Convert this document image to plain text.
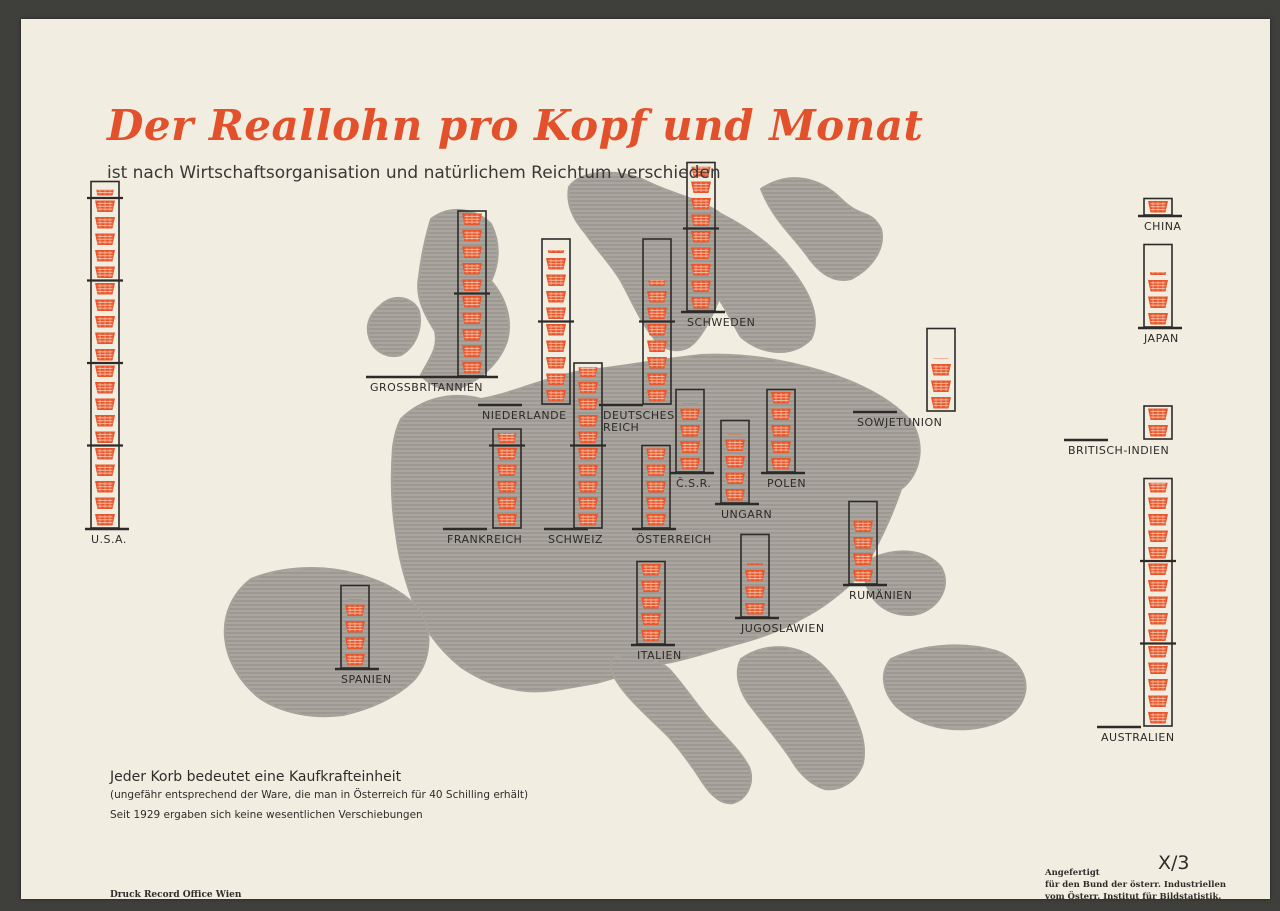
U.S.A.
SCHWEDEN
GROSSBRITANNIEN
NIEDERLANDE	DEUTSCHES
REICH
SCHWEIZ
FRANKREICH	ÖSTERREICH
Č.S.R.	POLEN
UNGARN
ITALIEN
SPANIEN
JUGOSLAWIEN
RUMÄNIEN
SOWJETUNION
CHINA
JAPAN
BRITISCH-INDIEN
AUSTRALIEN
Der Reallohn pro Kopf und Monat
ist nach Wirtschaftsorganisation und natürlichem Reichtum verschieden
Jeder Korb bedeutet eine Kaufkrafteinheit
(ungefähr entsprechend der Ware, die man in Österreich für 40 Schilling erhält)
Seit 1929 ergaben sich keine wesentlichen Verschiebungen
Druck Record Office Wien
X/3
Angefertigt
für den Bund der österr. Industriellen
vom Österr. Institut für Bildstatistik.
